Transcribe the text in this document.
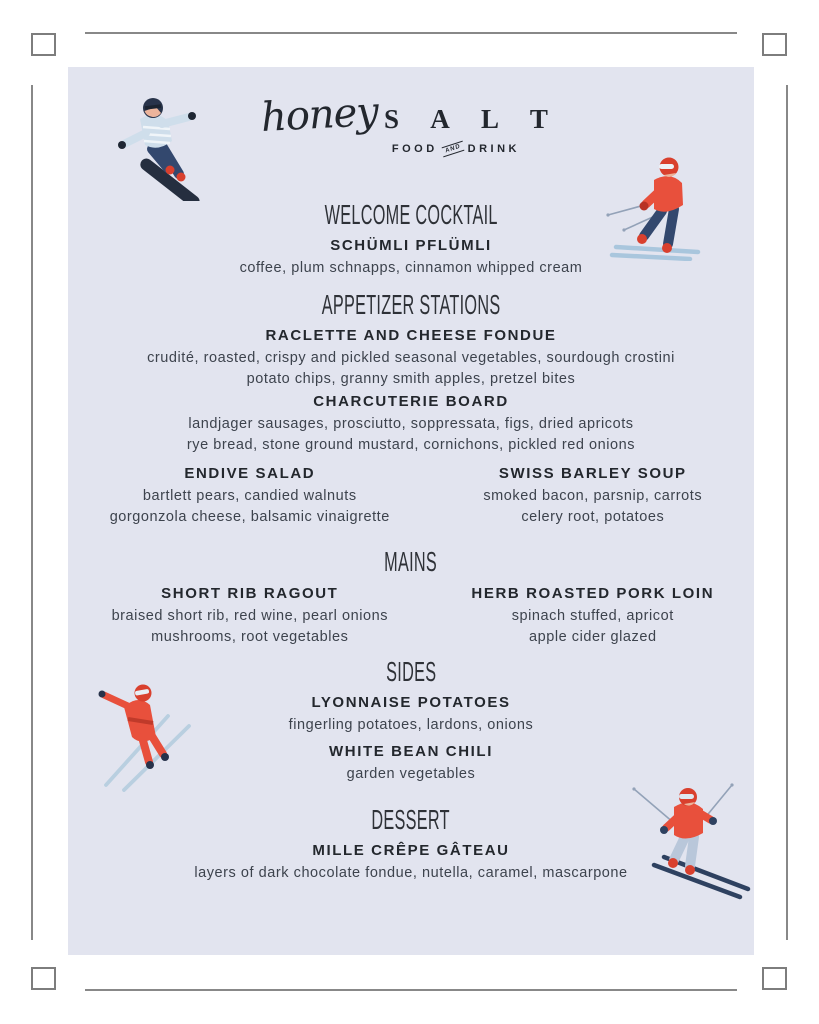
honey S A L T
FOOD	AND DRINK
WELCOME COCKTAIL
SCHÜMLI PFLÜMLI
coffee, plum schnapps, cinnamon whipped cream
APPETIZER STATIONS
RACLETTE AND CHEESE FONDUE
crudité, roasted, crispy and pickled seasonal vegetables, sourdough crostini
potato chips, granny smith apples, pretzel bites
CHARCUTERIE BOARD
landjager sausages, prosciutto, soppressata, figs, dried apricots
rye bread, stone ground mustard, cornichons, pickled red onions
ENDIVE SALAD
bartlett pears, candied walnuts
gorgonzola cheese, balsamic vinaigrette
SWISS BARLEY SOUP
smoked bacon, parsnip, carrots
celery root, potatoes
MAINS
SHORT RIB RAGOUT
braised short rib, red wine, pearl onions
mushrooms, root vegetables
HERB ROASTED PORK LOIN
spinach stuffed, apricot
apple cider glazed
SIDES
LYONNAISE POTATOES
fingerling potatoes, lardons, onions
WHITE BEAN CHILI
garden vegetables
DESSERT
MILLE CRÊPE GÂTEAU
layers of dark chocolate fondue, nutella, caramel, mascarpone
